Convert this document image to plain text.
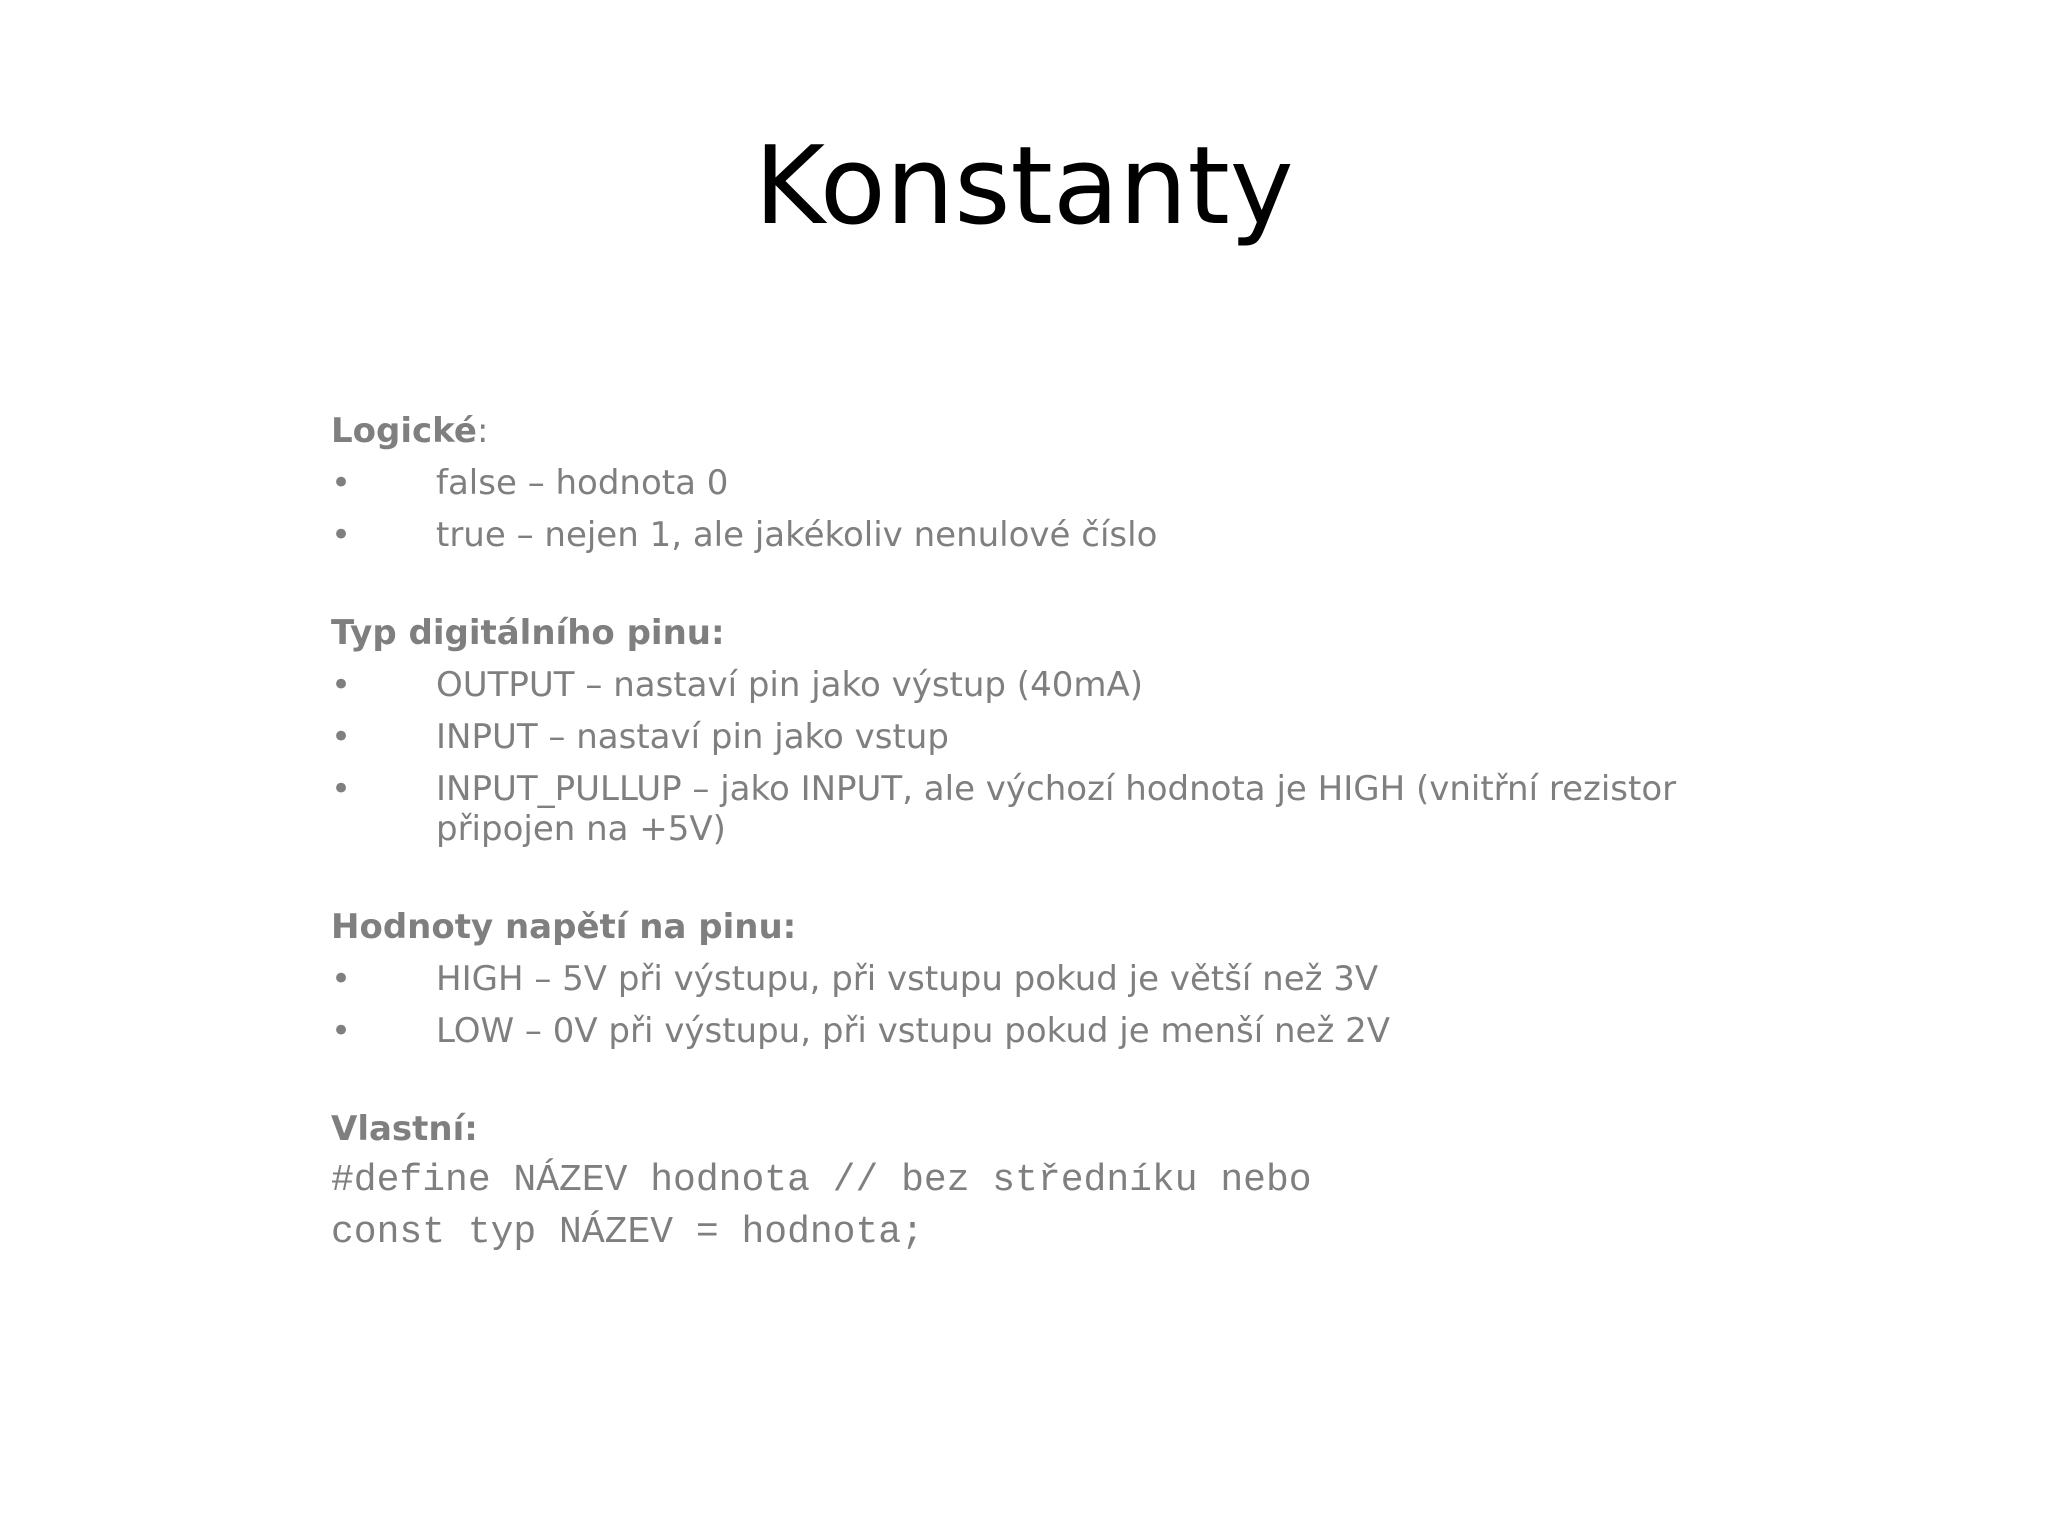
Konstanty

Logické:

• false – hodnota 0
• true – nejen 1, ale jakékoliv nenulové číslo

Typ digitálního pinu:

• OUTPUT – nastaví pin jako výstup (40mA)
• INPUT – nastaví pin jako vstup
• INPUT_PULLUP – jako INPUT, ale výchozí hodnota je HIGH (vnitřní rezistor připojen na +5V)

Hodnoty napětí na pinu:

• HIGH – 5V při výstupu, při vstupu pokud je větší než 3V
• LOW – 0V při výstupu, při vstupu pokud je menší než 2V

Vlastní:

#define NÁZEV hodnota // bez středníku nebo

const typ NÁZEV = hodnota;
